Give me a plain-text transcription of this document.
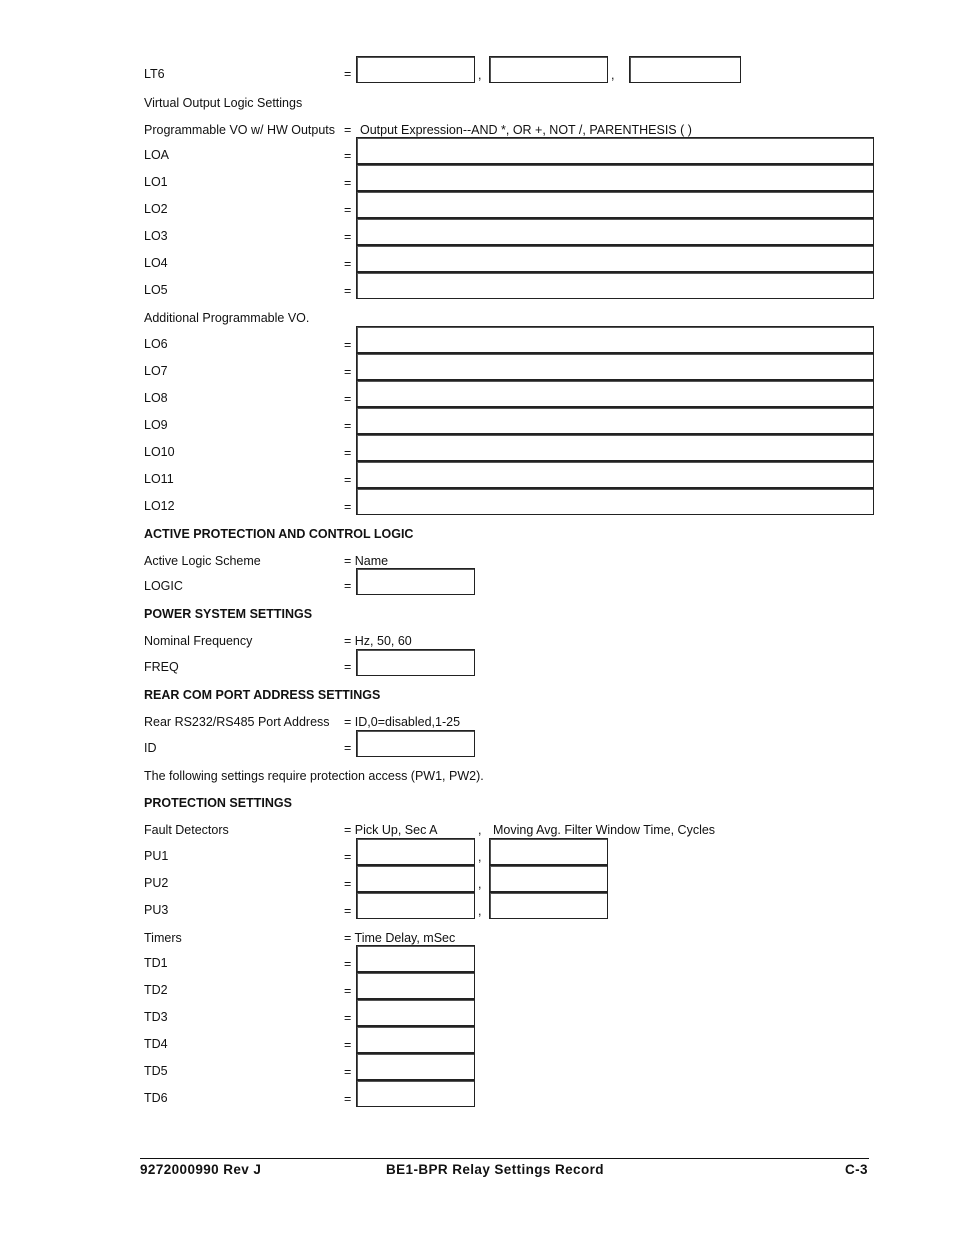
LT6	=	,	,
Virtual Output Logic Settings
Programmable VO w/ HW Outputs = Output Expression--AND *, OR +, NOT /, PARENTHESIS ( )
LOA	=
LO1	=
LO2	=
LO3	=
LO4	=
LO5	=
Additional Programmable VO.
LO6	=
LO7	=
LO8	=
LO9	=
LO10	=
LO11	=
LO12	=
ACTIVE PROTECTION AND CONTROL LOGIC
Active Logic Scheme	= Name
LOGIC	=
POWER SYSTEM SETTINGS
Nominal Frequency	= Hz, 50, 60
FREQ	=
REAR COM PORT ADDRESS SETTINGS
Rear RS232/RS485 Port Address = ID,0=disabled,1-25
ID	=
The following settings require protection access (PW1, PW2).
PROTECTION SETTINGS
Fault Detectors	= Pick Up, Sec A	, Moving Avg. Filter Window Time, Cycles
PU1	=	,
PU2	=	,
PU3	=	,
Timers	= Time Delay, mSec
TD1	=
TD2	=
TD3	=
TD4	=
TD5	=
TD6	=
9272000990 Rev J	BE1-BPR Relay Settings Record	C-3
